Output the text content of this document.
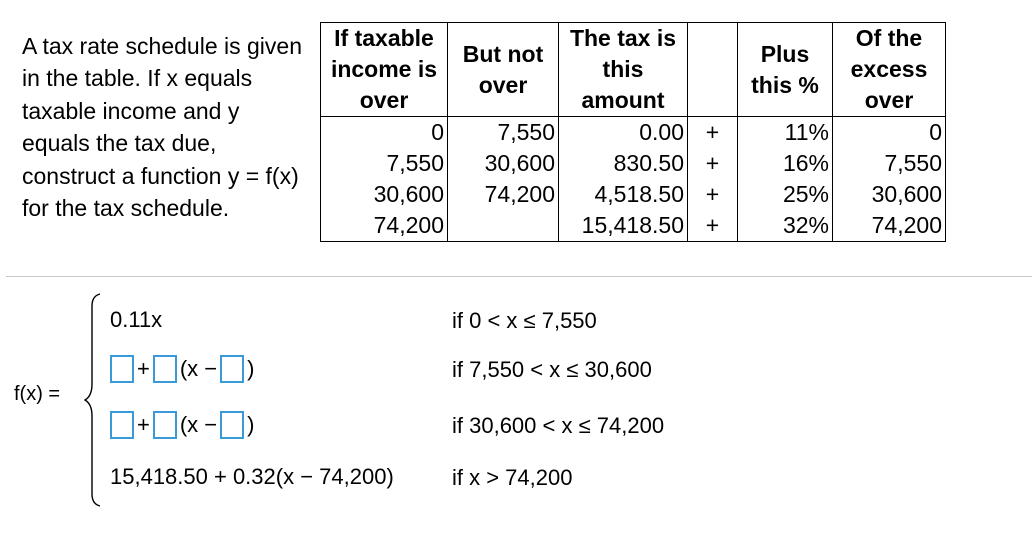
A tax rate schedule is given in the table. If x equals taxable income and y equals the tax due, construct a function y = f(x) for the tax schedule.
If taxable income is over	But not over	The tax is this amount		Plus this %	Of the excess over
0	7,550	0.00	+	11%	0
7,550	30,600	830.50	+	16%	7,550
30,600	74,200	4,518.50	+	25%	30,600
74,200		15,418.50	+	32%	74,200
f(x) =
0.11x	if 0 < x ≤ 7,550
+ (x − )	if 7,550 < x ≤ 30,600
+ (x − )	if 30,600 < x ≤ 74,200
15,418.50 + 0.32(x − 74,200)	if x > 74,200
